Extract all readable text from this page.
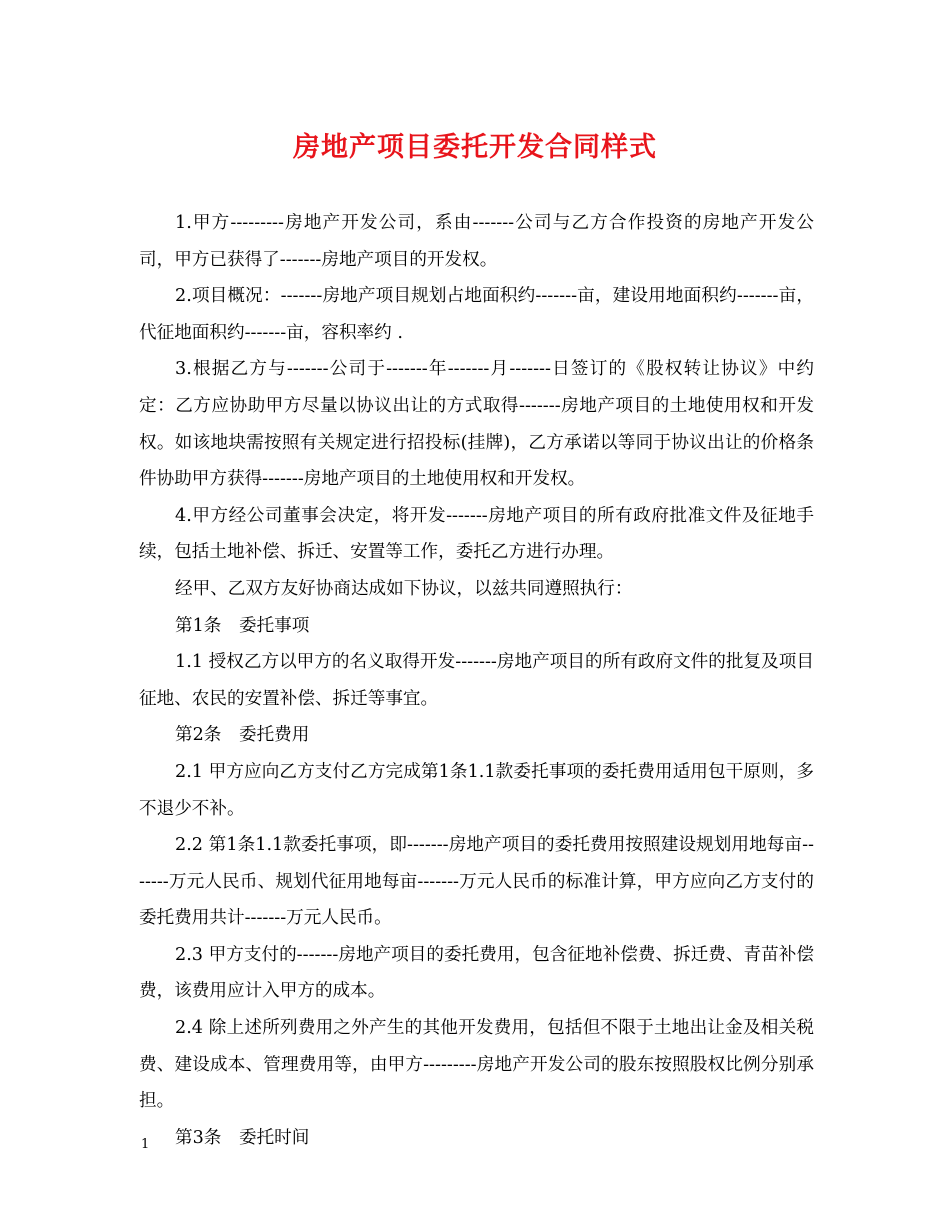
房地产项目委托开发合同样式

1.甲方---------房地产开发公司，系由-------公司与乙方合作投资的房地产开发公司，甲方已获得了-------房地产项目的开发权。

2.项目概况：-------房地产项目规划占地面积约-------亩，建设用地面积约-------亩，代征地面积约-------亩，容积率约 .

3.根据乙方与-------公司于-------年-------月-------日签订的《股权转让协议》中约定：乙方应协助甲方尽量以协议出让的方式取得-------房地产项目的土地使用权和开发权。如该地块需按照有关规定进行招投标(挂牌)，乙方承诺以等同于协议出让的价格条件协助甲方获得-------房地产项目的土地使用权和开发权。

4.甲方经公司董事会决定，将开发-------房地产项目的所有政府批准文件及征地手续，包括土地补偿、拆迁、安置等工作，委托乙方进行办理。

经甲、乙双方友好协商达成如下协议，以兹共同遵照执行：

第1条　委托事项

1.1 授权乙方以甲方的名义取得开发-------房地产项目的所有政府文件的批复及项目征地、农民的安置补偿、拆迁等事宜。

第2条　委托费用

2.1 甲方应向乙方支付乙方完成第1条1.1款委托事项的委托费用适用包干原则，多不退少不补。

2.2 第1条1.1款委托事项，即-------房地产项目的委托费用按照建设规划用地每亩-------万元人民币、规划代征用地每亩-------万元人民币的标准计算，甲方应向乙方支付的委托费用共计-------万元人民币。

2.3 甲方支付的-------房地产项目的委托费用，包含征地补偿费、拆迁费、青苗补偿费，该费用应计入甲方的成本。

2.4 除上述所列费用之外产生的其他开发费用，包括但不限于土地出让金及相关税费、建设成本、管理费用等，由甲方---------房地产开发公司的股东按照股权比例分别承担。

第3条　委托时间

1
